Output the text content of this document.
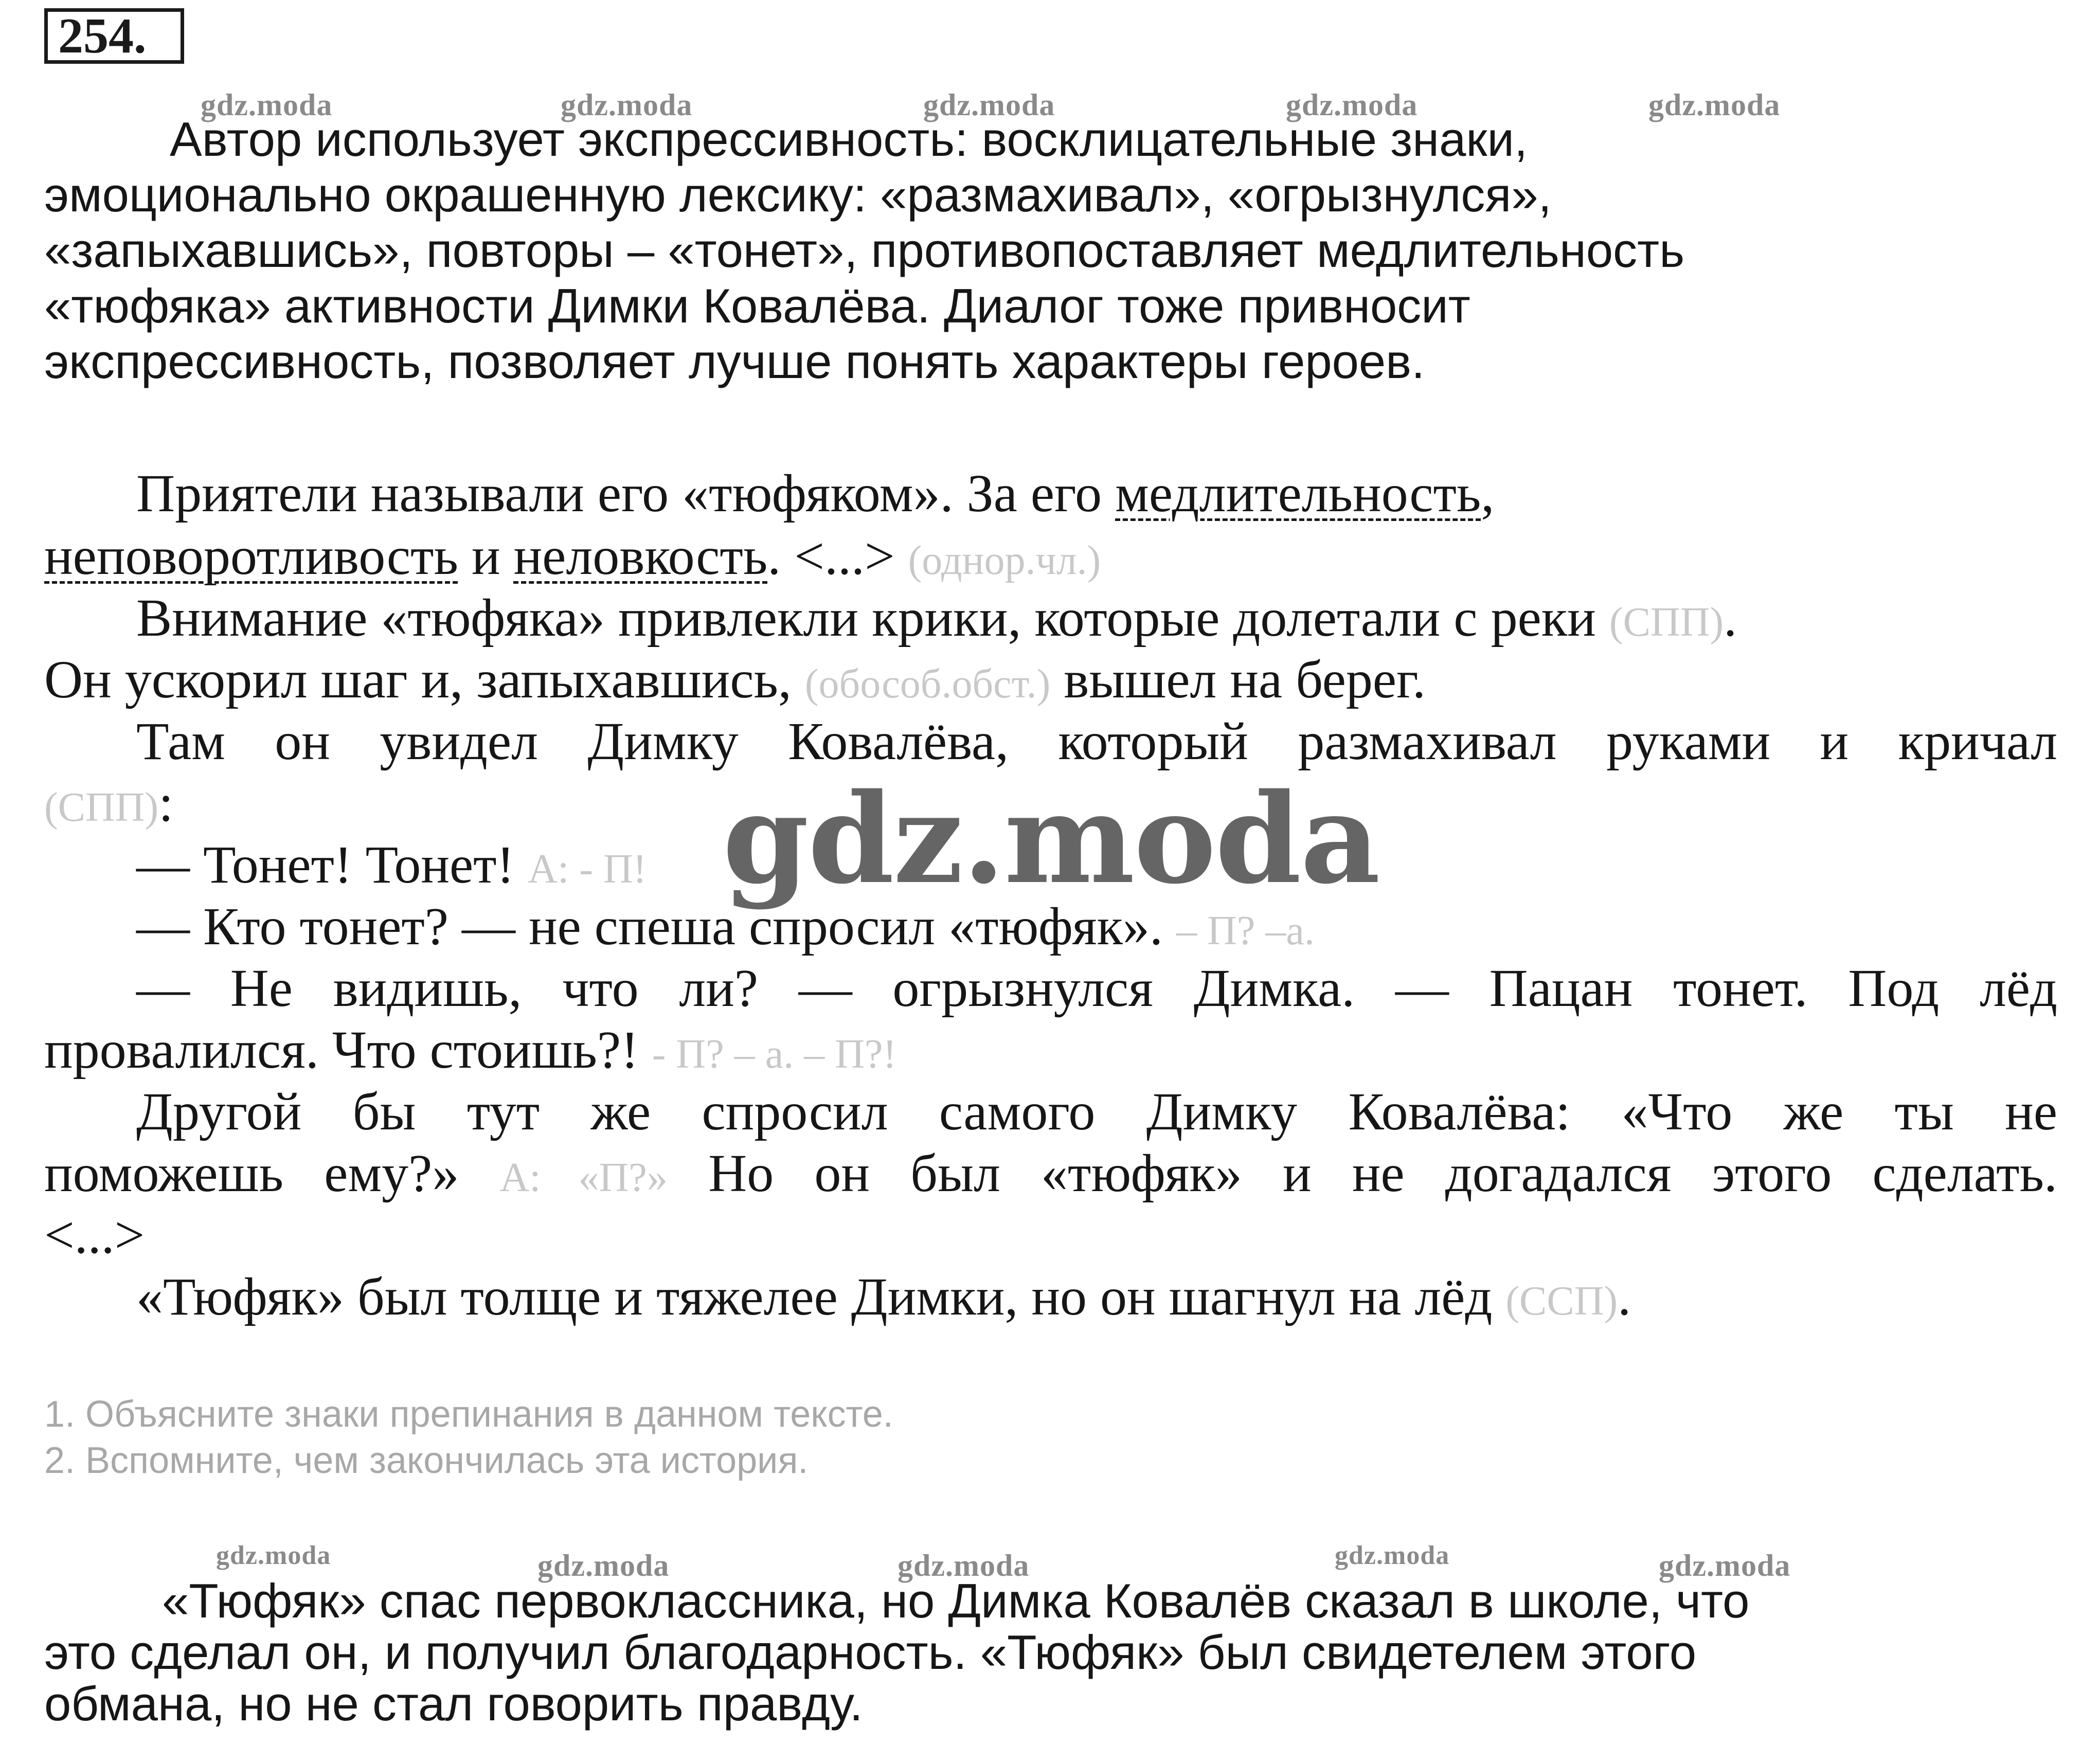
254.
gdz.moda	gdz.moda	gdz.moda	gdz.moda	gdz.moda
Автор использует экспрессивность: восклицательные знаки,
эмоционально окрашенную лексику: «размахивал», «огрызнулся»,
«запыхавшись», повторы – «тонет», противопоставляет медлительность
«тюфяка» активности Димки Ковалёва. Диалог тоже привносит
экспрессивность, позволяет лучше понять характеры героев.
Приятели называли его «тюфяком». За его медлительность,
неповоротливость и неловкость. <...> (однор.чл.)
Внимание «тюфяка» привлекли крики, которые долетали с реки (СПП).
Он ускорил шаг и, запыхавшись, (обособ.обст.) вышел на берег.
Там он увидел Димку Ковалёва, который размахивал руками и кричал
(СПП):
— Тонет! Тонет! А: - П!
— Кто тонет? — не спеша спросил «тюфяк». – П? –а.
— Не видишь, что ли? — огрызнулся Димка. — Пацан тонет. Под лёд
провалился. Что стоишь?! - П? – а. – П?!
Другой бы тут же спросил самого Димку Ковалёва: «Что же ты не
поможешь ему?» А: «П?» Но он был «тюфяк» и не догадался этого сделать.
<...>
«Тюфяк» был толще и тяжелее Димки, но он шагнул на лёд (ССП).
gdz.moda
1. Объясните знаки препинания в данном тексте.
2. Вспомните, чем закончилась эта история.
gdz.moda	gdz.moda	gdz.moda	gdz.moda	gdz.moda
«Тюфяк» спас первоклассника, но Димка Ковалёв сказал в школе, что
это сделал он, и получил благодарность. «Тюфяк» был свидетелем этого
обмана, но не стал говорить правду.
